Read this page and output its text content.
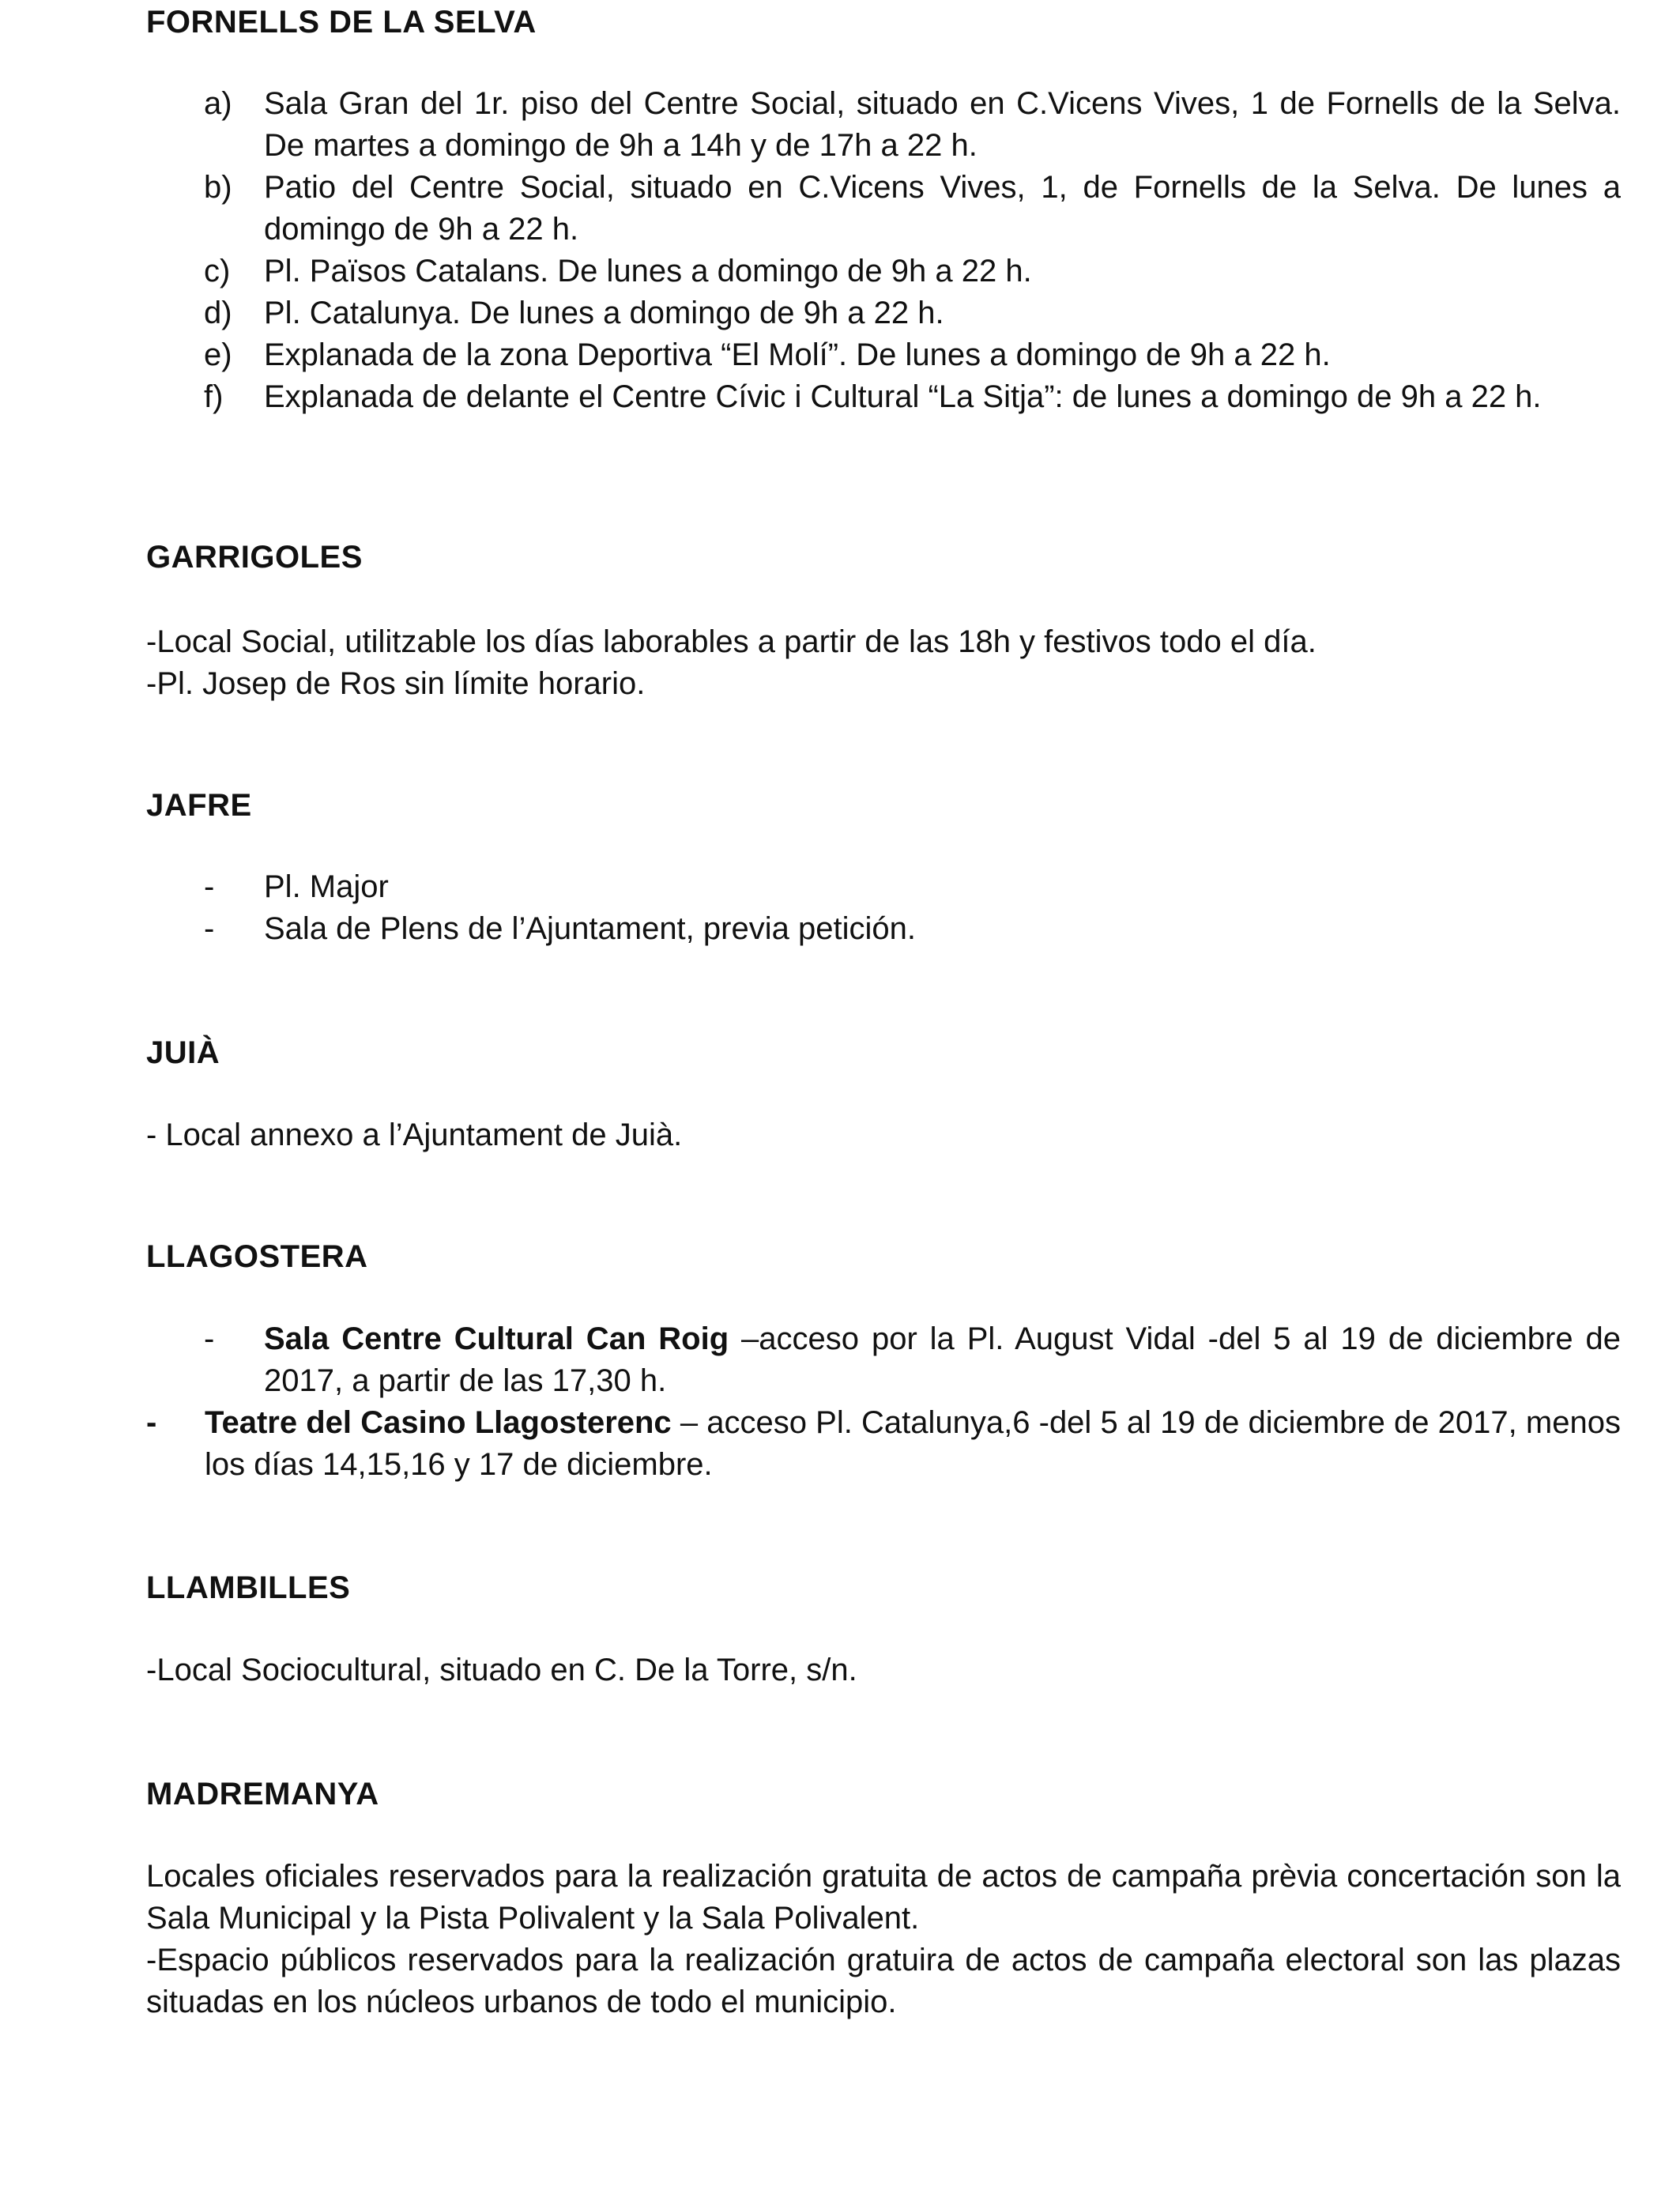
FORNELLS DE LA SELVA
a) Sala Gran del 1r. piso del Centre Social, situado en C.Vicens Vives, 1 de Fornells de la Selva. De martes a domingo de 9h a 14h y de 17h a 22 h.
b) Patio del Centre Social, situado en C.Vicens Vives, 1, de Fornells de la Selva. De lunes a domingo de 9h a 22 h.
c) Pl. Països Catalans. De lunes a domingo de 9h a 22 h.
d) Pl. Catalunya. De lunes a domingo de 9h a 22 h.
e) Explanada de la zona Deportiva “El Molí”. De lunes a domingo de 9h a 22 h.
f) Explanada de delante el Centre Cívic i Cultural “La Sitja”: de lunes a domingo de 9h a 22 h.
GARRIGOLES

-Local Social, utilitzable los días laborables a partir de las 18h y festivos todo el día.

-Pl. Josep de Ros sin límite horario.

JAFRE
- Pl. Major
- Sala de Plens de l’Ajuntament, previa petición.
JUIÀ

- Local annexo a l’Ajuntament de Juià.

LLAGOSTERA
- Sala Centre Cultural Can Roig –acceso por la Pl. August Vidal -del 5 al 19 de diciembre de 2017, a partir de las 17,30 h.
- Teatre del Casino Llagosterenc – acceso Pl. Catalunya,6 -del 5 al 19 de diciembre de 2017, menos los días 14,15,16 y 17 de diciembre.
LLAMBILLES

-Local Sociocultural, situado en C. De la Torre, s/n.

MADREMANYA

Locales oficiales reservados para la realización gratuita de actos de campaña prèvia concertación son la Sala Municipal y la Pista Polivalent y la Sala Polivalent.

-Espacio públicos reservados para la realización gratuira de actos de campaña electoral son las plazas situadas en los núcleos urbanos de todo el municipio.
